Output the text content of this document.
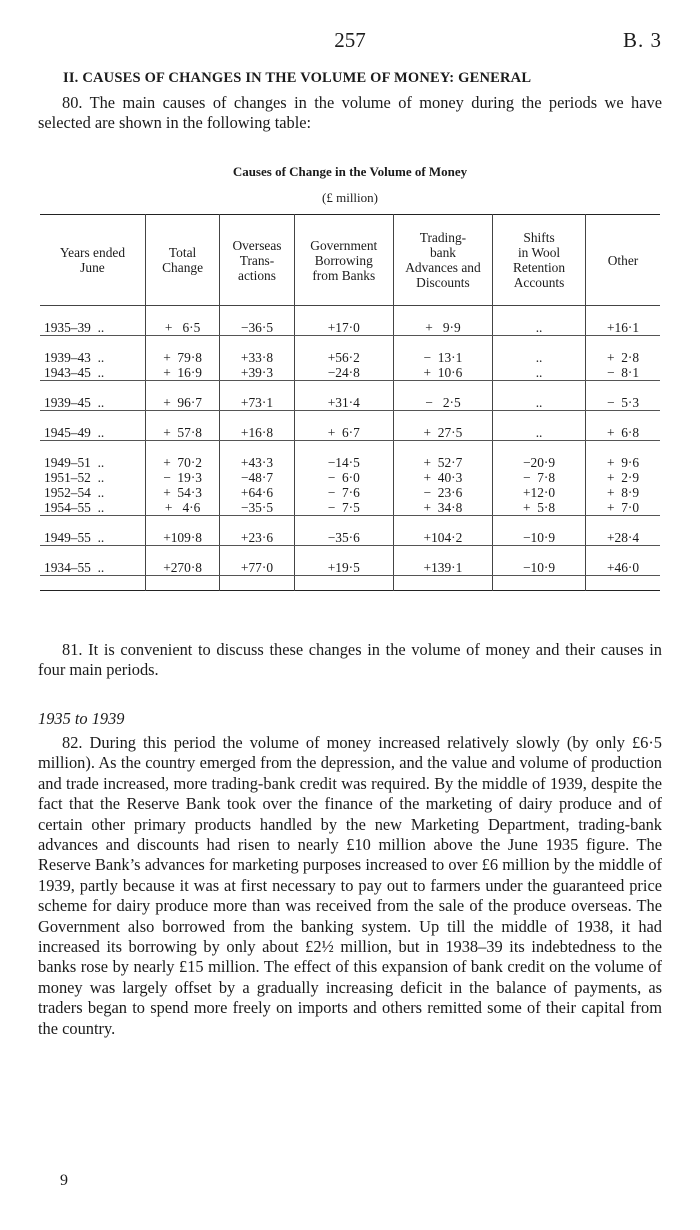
257	B. 3
II. CAUSES OF CHANGES IN THE VOLUME OF MONEY: GENERAL
80. The main causes of changes in the volume of money during the periods we have selected are shown in the following table:
Causes of Change in the Volume of Money
(£ million)
Years ended
June	Total
Change	Overseas
Trans-
actions	Government
Borrowing
from Banks	Trading-
bank
Advances and
Discounts	Shifts
in Wool
Retention
Accounts	Other

1935–39  ..	+   6·5	−36·5	+17·0	+   9·9	..	+16·1

1939–43  ..	+  79·8	+33·8	+56·2	−  13·1	..	+  2·8
1943–45  ..	+  16·9	+39·3	−24·8	+  10·6	..	−  8·1

1939–45  ..	+  96·7	+73·1	+31·4	−   2·5	..	−  5·3

1945–49  ..	+  57·8	+16·8	+  6·7	+  27·5	..	+  6·8

1949–51  ..	+  70·2	+43·3	−14·5	+  52·7	−20·9	+  9·6
1951–52  ..	−  19·3	−48·7	−  6·0	+  40·3	−  7·8	+  2·9
1952–54  ..	+  54·3	+64·6	−  7·6	−  23·6	+12·0	+  8·9
1954–55  ..	+   4·6	−35·5	−  7·5	+  34·8	+  5·8	+  7·0

1949–55  ..	+109·8	+23·6	−35·6	+104·2	−10·9	+28·4

1934–55  ..	+270·8	+77·0	+19·5	+139·1	−10·9	+46·0

81. It is convenient to discuss these changes in the volume of money and their causes in four main periods.
1935 to 1939
82. During this period the volume of money increased relatively slowly (by only £6·5 million). As the country emerged from the depression, and the value and volume of production and trade increased, more trading-bank credit was required. By the middle of 1939, despite the fact that the Reserve Bank took over the finance of the marketing of dairy produce and of certain other primary products handled by the new Marketing Department, trading-bank advances and discounts had risen to nearly £10 million above the June 1935 figure. The Reserve Bank’s advances for marketing purposes increased to over £6 million by the middle of 1939, partly because it was at first necessary to pay out to farmers under the guaranteed price scheme for dairy produce more than was received from the sale of the produce overseas. The Government also borrowed from the banking system. Up till the middle of 1938, it had increased its borrowing by only about £2½ million, but in 1938–39 its indebtedness to the banks rose by nearly £15 million. The effect of this expansion of bank credit on the volume of money was largely offset by a gradually increasing deficit in the balance of payments, as traders began to spend more freely on imports and others remitted some of their capital from the country.
9
